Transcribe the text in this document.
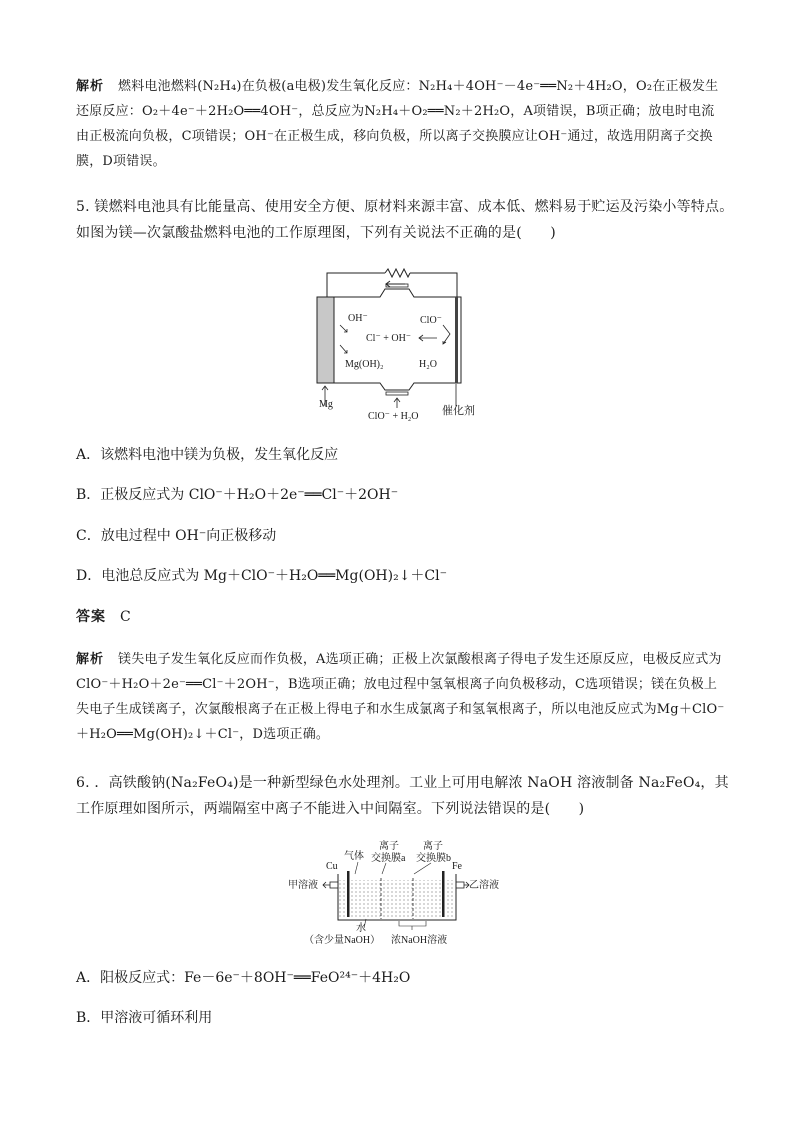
解析 燃料电池燃料(N₂H₄)在负极(a电极)发生氧化反应：N₂H₄＋4OH⁻－4e⁻══N₂＋4H₂O，O₂在正极发生还原反应：O₂＋4e⁻＋2H₂O══4OH⁻，总反应为N₂H₄＋O₂══N₂＋2H₂O，A项错误，B项正确；放电时电流由正极流向负极，C项错误；OH⁻在正极生成，移向负极，所以离子交换膜应让OH⁻通过，故选用阴离子交换膜，D项错误。

5. 镁燃料电池具有比能量高、使用安全方便、原材料来源丰富、成本低、燃料易于贮运及污染小等特点。如图为镁—次氯酸盐燃料电池的工作原理图，下列有关说法不正确的是(　　)

OH⁻	ClO⁻
Cl⁻ + OH⁻
Mg(OH)₂	H₂O
Mg
ClO⁻ + H₂O 催化剂

A．该燃料电池中镁为负极，发生氧化反应

B．正极反应式为 ClO⁻＋H₂O＋2e⁻══Cl⁻＋2OH⁻

C．放电过程中 OH⁻向正极移动

D．电池总反应式为 Mg＋ClO⁻＋H₂O══Mg(OH)₂↓＋Cl⁻

答案 C

解析 镁失电子发生氧化反应而作负极，A选项正确；正极上次氯酸根离子得电子发生还原反应，电极反应式为ClO⁻＋H₂O＋2e⁻══Cl⁻＋2OH⁻，B选项正确；放电过程中氢氧根离子向负极移动，C选项错误；镁在负极上失电子生成镁离子，次氯酸根离子在正极上得电子和水生成氯离子和氢氧根离子，所以电池反应式为Mg＋ClO⁻＋H₂O══Mg(OH)₂↓＋Cl⁻，D选项正确。

6. ．高铁酸钠(Na₂FeO₄)是一种新型绿色水处理剂。工业上可用电解浓 NaOH 溶液制备 Na₂FeO₄，其工作原理如图所示，两端隔室中离子不能进入中间隔室。下列说法错误的是(　　)

Cu
气体
离子
交换膜a
离子
交换膜b
Fe
甲溶液	乙溶液
水
（含少量NaOH） 浓NaOH溶液

A．阳极反应式：Fe－6e⁻＋8OH⁻══FeO²⁴⁻＋4H₂O

B．甲溶液可循环利用
